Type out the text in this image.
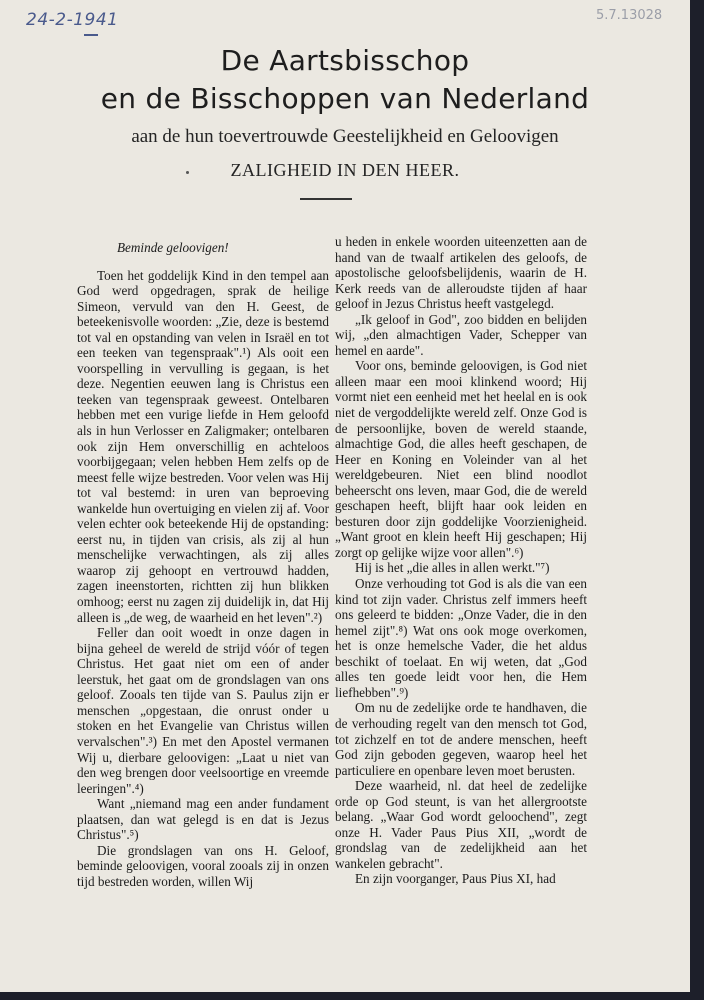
24-2-1941	5.7.13028
De Aartsbisschop
en de Bisschoppen van Nederland
aan de hun toevertrouwde Geestelijkheid en Geloovigen
ZALIGHEID IN DEN HEER.

Beminde geloovigen!

Toen het goddelijk Kind in den tempel aan God werd opgedragen, sprak de heilige Simeon, vervuld van den H. Geest, de beteekenisvolle woorden: „Zie, deze is bestemd tot val en opstanding van velen in Israël en tot een teeken van tegenspraak".¹) Als ooit een voorspelling in vervulling is gegaan, is het deze. Negentien eeuwen lang is Christus een teeken van tegenspraak geweest. Ontelbaren hebben met een vurige liefde in Hem geloofd als in hun Verlosser en Zaligmaker; ontelbaren ook zijn Hem onverschillig en achteloos voorbijgegaan; velen hebben Hem zelfs op de meest felle wijze bestreden. Voor velen was Hij tot val bestemd: in uren van beproeving wankelde hun overtuiging en vielen zij af. Voor velen echter ook beteekende Hij de opstanding: eerst nu, in tijden van crisis, als zij al hun menschelijke verwachtingen, als zij alles waarop zij gehoopt en vertrouwd hadden, zagen ineenstorten, richtten zij hun blikken omhoog; eerst nu zagen zij duidelijk in, dat Hij alleen is „de weg, de waarheid en het leven".²)

Feller dan ooit woedt in onze dagen in bijna geheel de wereld de strijd vóór of tegen Christus. Het gaat niet om een of ander leerstuk, het gaat om de grondslagen van ons geloof. Zooals ten tijde van S. Paulus zijn er menschen „opgestaan, die onrust onder u stoken en het Evangelie van Christus willen vervalschen".³) En met den Apostel vermanen Wij u, dierbare geloovigen: „Laat u niet van den weg brengen door veelsoortige en vreemde leeringen".⁴)

Want „niemand mag een ander fundament plaatsen, dan wat gelegd is en dat is Jezus Christus".⁵)

Die grondslagen van ons H. Geloof, beminde geloovigen, vooral zooals zij in onzen tijd bestreden worden, willen Wij

u heden in enkele woorden uiteenzetten aan de hand van de twaalf artikelen des geloofs, de apostolische geloofsbelijdenis, waarin de H. Kerk reeds van de alleroudste tijden af haar geloof in Jezus Christus heeft vastgelegd.

„Ik geloof in God", zoo bidden en belijden wij, „den almachtigen Vader, Schepper van hemel en aarde".

Voor ons, beminde geloovigen, is God niet alleen maar een mooi klinkend woord; Hij vormt niet een eenheid met het heelal en is ook niet de vergoddelijkte wereld zelf. Onze God is de persoonlijke, boven de wereld staande, almachtige God, die alles heeft geschapen, de Heer en Koning en Voleinder van al het wereldgebeuren. Niet een blind noodlot beheerscht ons leven, maar God, die de wereld geschapen heeft, blijft haar ook leiden en besturen door zijn goddelijke Voorzienigheid. „Want groot en klein heeft Hij geschapen; Hij zorgt op gelijke wijze voor allen".⁶)

Hij is het „die alles in allen werkt."⁷)

Onze verhouding tot God is als die van een kind tot zijn vader. Christus zelf immers heeft ons geleerd te bidden: „Onze Vader, die in den hemel zijt".⁸) Wat ons ook moge overkomen, het is onze hemelsche Vader, die het aldus beschikt of toelaat. En wij weten, dat „God alles ten goede leidt voor hen, die Hem liefhebben".⁹)

Om nu de zedelijke orde te handhaven, die de verhouding regelt van den mensch tot God, tot zichzelf en tot de andere menschen, heeft God zijn geboden gegeven, waarop heel het particuliere en openbare leven moet berusten.

Deze waarheid, nl. dat heel de zedelijke orde op God steunt, is van het allergrootste belang. „Waar God wordt geloochend", zegt onze H. Vader Paus Pius XII, „wordt de grondslag van de zedelijkheid aan het wankelen gebracht".

En zijn voorganger, Paus Pius XI, had
